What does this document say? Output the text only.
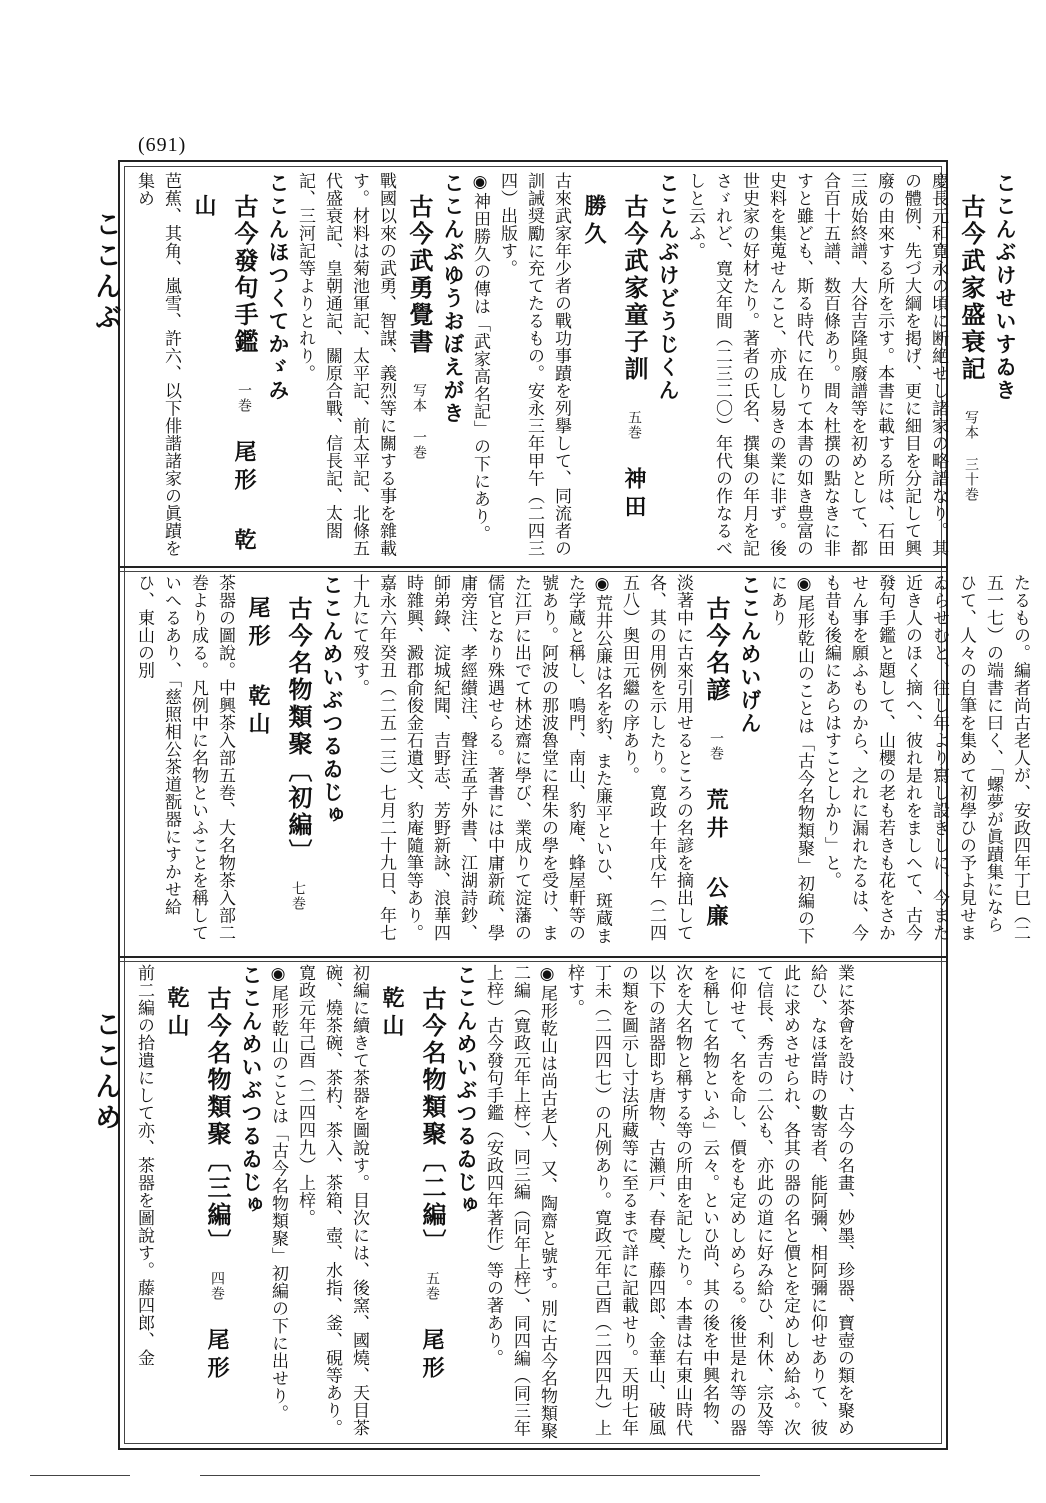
(691)
ここんぶ
ここんめ

ここんぶけせいすゐき

古今武家盛衰記　写本 三十巻

慶長元和寛永の頃に断絶せし諸家の略譜なり。其の體例、先づ大綱を掲げ、更に細目を分記して興廢の由來する所を示す。本書に載する所は、石田三成始終譜、大谷吉隆與廢譜等を初めとして、都合百十五譜、数百條あり。間々杜撰の點なきに非すと雖ども、斯る時代に在りて本書の如き豊富の史料を集蒐せんこと、亦成し易きの業に非ず。後世史家の好材たり。著者の氏名、撰集の年月を記さゞれど、寛文年間（二三二〇）年代の作なるべしと云ふ。

ここんぶけどうじくん

古今武家童子訓　五巻　神田 勝久

古來武家年少者の戰功事蹟を列擧して、同流者の訓誡奨勵に充てたるもの。安永三年甲午（二四三四）出版す。

◉神田勝久の傳は「武家高名記」の下にあり。

ここんぶゆうおぼえがき

古今武勇覺書　写本 一巻

戰國以來の武勇、智謀、義烈等に關する事を雜載す。材料は菊池軍記、太平記、前太平記、北條五代盛衰記、皇朝通記、關原合戰、信長記、太閤記、三河記等よりとれり。

ここんほつくてかゞみ

古今發句手鑑　一巻　尾形 乾山

芭蕉、其角、嵐雪、許六、以下俳諧諸家の眞蹟を集め

たるもの。編者尚古老人が、安政四年丁巳（二五一七）の端書に曰く、「螺夢が眞蹟集にならひて、人々の自筆を集めて初學ひの予よ見せまゐらせむと、往し年より寫し設きしに、今また近き人のほく摘へ、彼れ是れをましへて、古今發句手鑑と題して、山櫻の老も若きも花をさかせん事を願ふものから、之れに漏れたるは、今も昔も後編にあらはすことしかり」と。

◉尾形乾山のことは「古今名物類聚」初編の下にあり

ここんめいげん

古今名諺　一巻　荒井 公廉

淡著中に古來引用せるところの名諺を摘出して各、其の用例を示したり。寛政十年戊午（二四五八）奥田元繼の序あり。

◉荒井公廉は名を豹、また廉平といひ、斑蔵また学蔵と稱し、鳴門、南山、豹庵、蜂屋軒等の號あり。阿波の那波魯堂に程朱の學を受け、また江戸に出でて林述齋に學び、業成りて淀藩の儒官となり殊遇せらる。著書には中庸新疏、學庸旁注、孝經纉注、聲注孟子外書、江湖詩鈔、師弟錄、淀城紀聞、吉野志、芳野新詠、浪華四時雜興、澱郡俞俊金石遺文、豹庵隨筆等あり。嘉永六年癸丑（二五一三）七月二十九日、年七十九にて歿す。

ここんめいぶつるゐじゅ

古今名物類聚〔初編〕　七巻　尾形 乾山

茶器の圖說。中興茶入部五巻、大名物茶入部二巻より成る。凡例中に名物といふことを稱していへるあり、「慈照相公茶道翫器にすかせ給ひ、東山の別

業に茶會を設け、古今の名畫、妙墨、珍器、寶壺の類を聚め給ひ、なほ當時の數寄者、能阿彌、相阿彌に仰せありて、彼此に求めさせられ、各其の器の名と價とを定めしめ給ふ。次て信長、秀吉の二公も、亦此の道に好み給ひ、利休、宗及等に仰せて、名を命し、價をも定めしめらる。後世是れ等の器を稱して名物といふ」云々。といひ尚、其の後を中興名物、次を大名物と稱する等の所由を記したり。本書は右東山時代以下の諸器即ち唐物、古瀨戸、春慶、藤四郎、金華山、破風の類を圖示し寸法所藏等に至るまで詳に記載せり。天明七年丁未（二四四七）の凡例あり。寛政元年己酉（二四四九）上梓す。

◉尾形乾山は尚古老人、又、陶齋と號す。別に古今名物類聚二編（寛政元年上梓）、同三編（同年上梓）、同四編（同三年上梓）古今發句手鑑（安政四年著作）等の著あり。

ここんめいぶつるゐじゅ

古今名物類聚〔二編〕　五巻　尾形 乾山

初編に續きて茶器を圖說す。目次には、後窯、國燒、天目茶碗、燒茶碗、茶杓、茶入、茶箱、壺、水指、釜、硯等あり。寛政元年己酉（二四四九）上梓。

◉尾形乾山のことは「古今名物類聚」初編の下に出せり。

ここんめいぶつるゐじゅ

古今名物類聚〔三編〕　四巻　尾形 乾山

前二編の拾遺にして亦、茶器を圖說す。藤四郎、金
